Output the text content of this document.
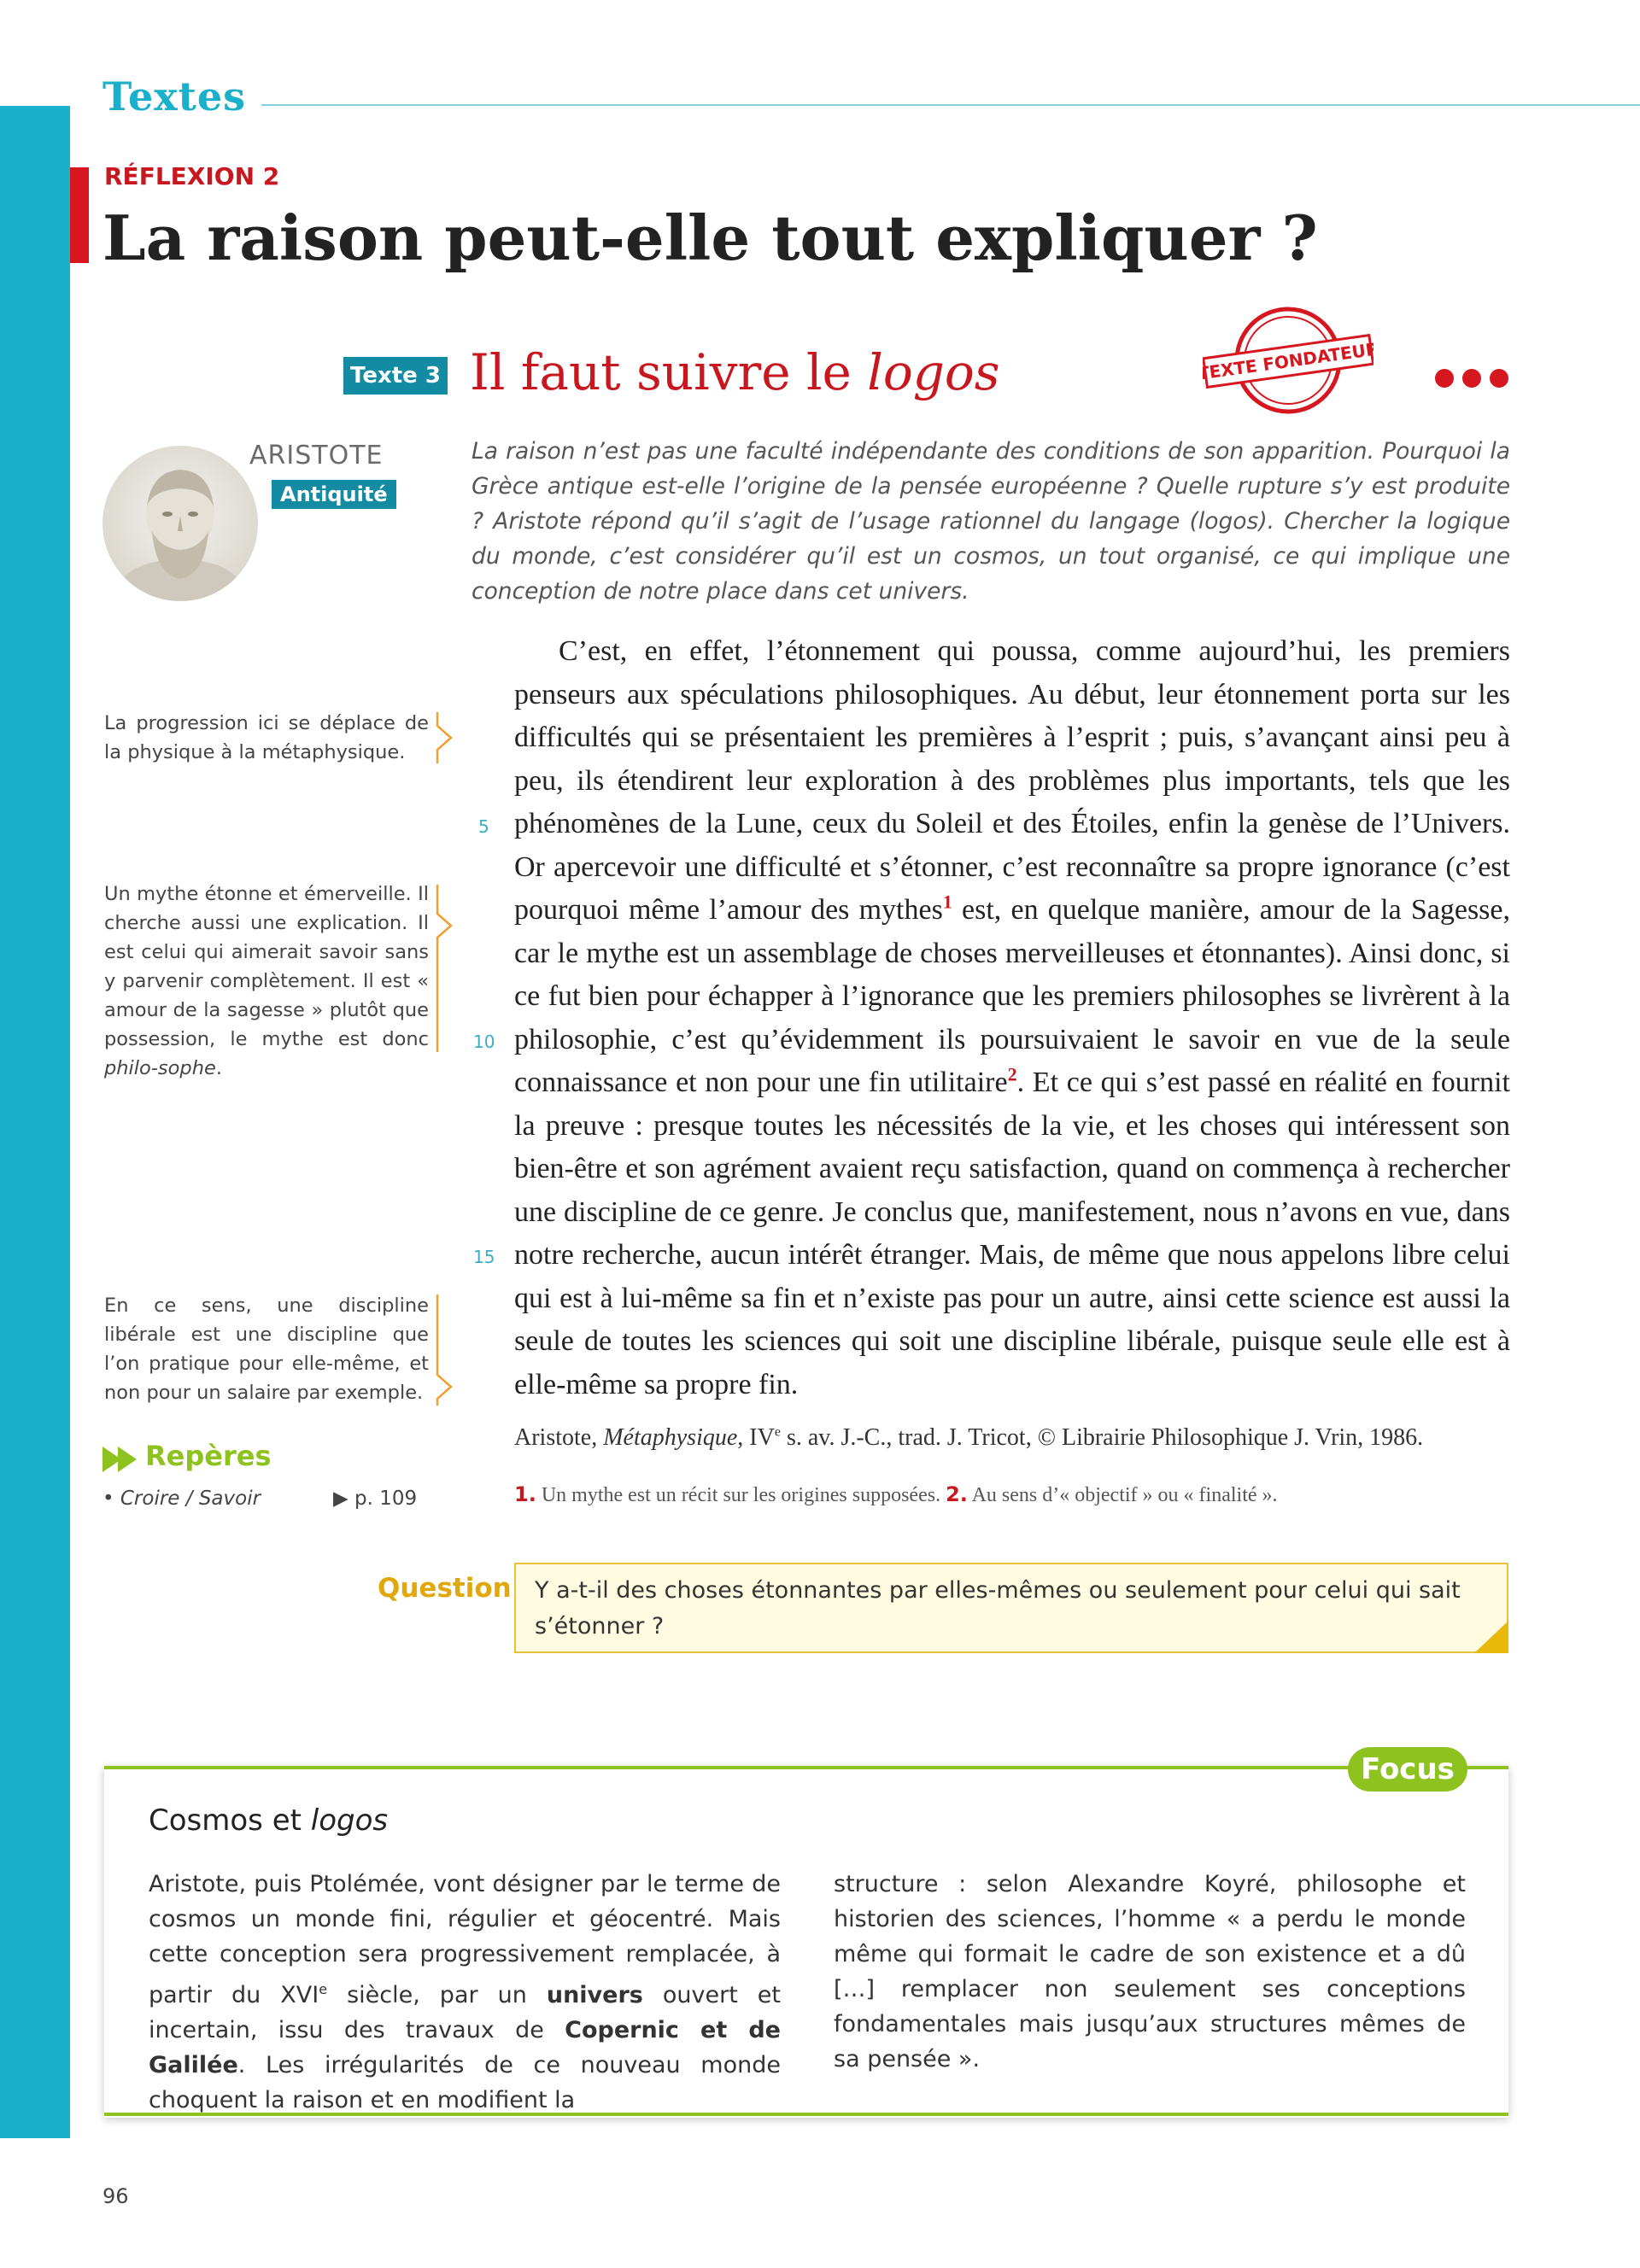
Textes
RÉFLEXION 2
La raison peut-elle tout expliquer ?
Texte 3 Il faut suivre le logos	TEXTE FONDATEUR
ARISTOTE
Antiquité
La raison n’est pas une faculté indépendante des conditions de son apparition. Pourquoi la Grèce antique est-elle l’origine de la pensée européenne ? Quelle rupture s’y est produite ? Aristote répond qu’il s’agit de l’usage rationnel du langage (logos). Chercher la logique du monde, c’est considérer qu’il est un cosmos, un tout organisé, ce qui implique une conception de notre place dans cet univers.

C’est, en effet, l’étonnement qui poussa, comme aujourd’hui, les premiers penseurs aux spéculations philosophiques. Au début, leur étonnement porta sur les difficultés qui se présentaient les premières à l’esprit ; puis, s’avançant ainsi peu à peu, ils étendirent leur exploration à des problèmes plus importants, tels que les phénomènes de la Lune, ceux du Soleil et des Étoiles, enfin la genèse de l’Univers. Or apercevoir une difficulté et s’étonner, c’est reconnaître sa propre ignorance (c’est pourquoi même l’amour des mythes$^1$ est, en quelque manière, amour de la Sagesse, car le mythe est un assemblage de choses merveilleuses et étonnantes). Ainsi donc, si ce fut bien pour échapper à l’ignorance que les premiers philosophes se livrèrent à la philosophie, c’est qu’évidemment ils poursuivaient le savoir en vue de la seule connaissance et non pour une fin utilitaire$^2$. Et ce qui s’est passé en réalité en fournit la preuve : presque toutes les nécessités de la vie, et les choses qui intéressent son bien-être et son agrément avaient reçu satisfaction, quand on commença à rechercher une discipline de ce genre. Je conclus que, manifestement, nous n’avons en vue, dans notre recherche, aucun intérêt étranger. Mais, de même que nous appelons libre celui qui est à lui-même sa fin et n’existe pas pour un autre, ainsi cette science est aussi la seule de toutes les sciences qui soit une discipline libérale, puisque seule elle est à elle-même sa propre fin.

5
10
15
La progression ici se déplace de la physique à la métaphysique.
Un mythe étonne et émerveille. Il cherche aussi une explication. Il est celui qui aimerait savoir sans y parvenir complètement. Il est « amour de la sagesse » plutôt que possession, le mythe est donc philo-sophe.
En ce sens, une discipline libérale est une discipline que l’on pratique pour elle-même, et non pour un salaire par exemple.
Repères
• Croire / Savoir	▶ p. 109
Aristote, Métaphysique, IVe s. av. J.-C., trad. J. Tricot, © Librairie Philosophique J. Vrin, 1986.
1. Un mythe est un récit sur les origines supposées. 2. Au sens d’« objectif » ou « finalité ».
Question Y a-t-il des choses étonnantes par elles-mêmes ou seulement pour celui qui sait s’étonner ?
Focus
Cosmos et logos
Aristote, puis Ptolémée, vont désigner par le terme de cosmos un monde fini, régulier et géocentré. Mais cette conception sera progressivement remplacée, à partir du XVIe siècle, par un univers ouvert et incertain, issu des travaux de Copernic et de Galilée. Les irrégularités de ce nouveau monde choquent la raison et en modifient la
structure : selon Alexandre Koyré, philosophe et historien des sciences, l’homme « a perdu le monde même qui formait le cadre de son existence et a dû […] remplacer non seulement ses conceptions fondamentales mais jusqu’aux structures mêmes de sa pensée ».
96
